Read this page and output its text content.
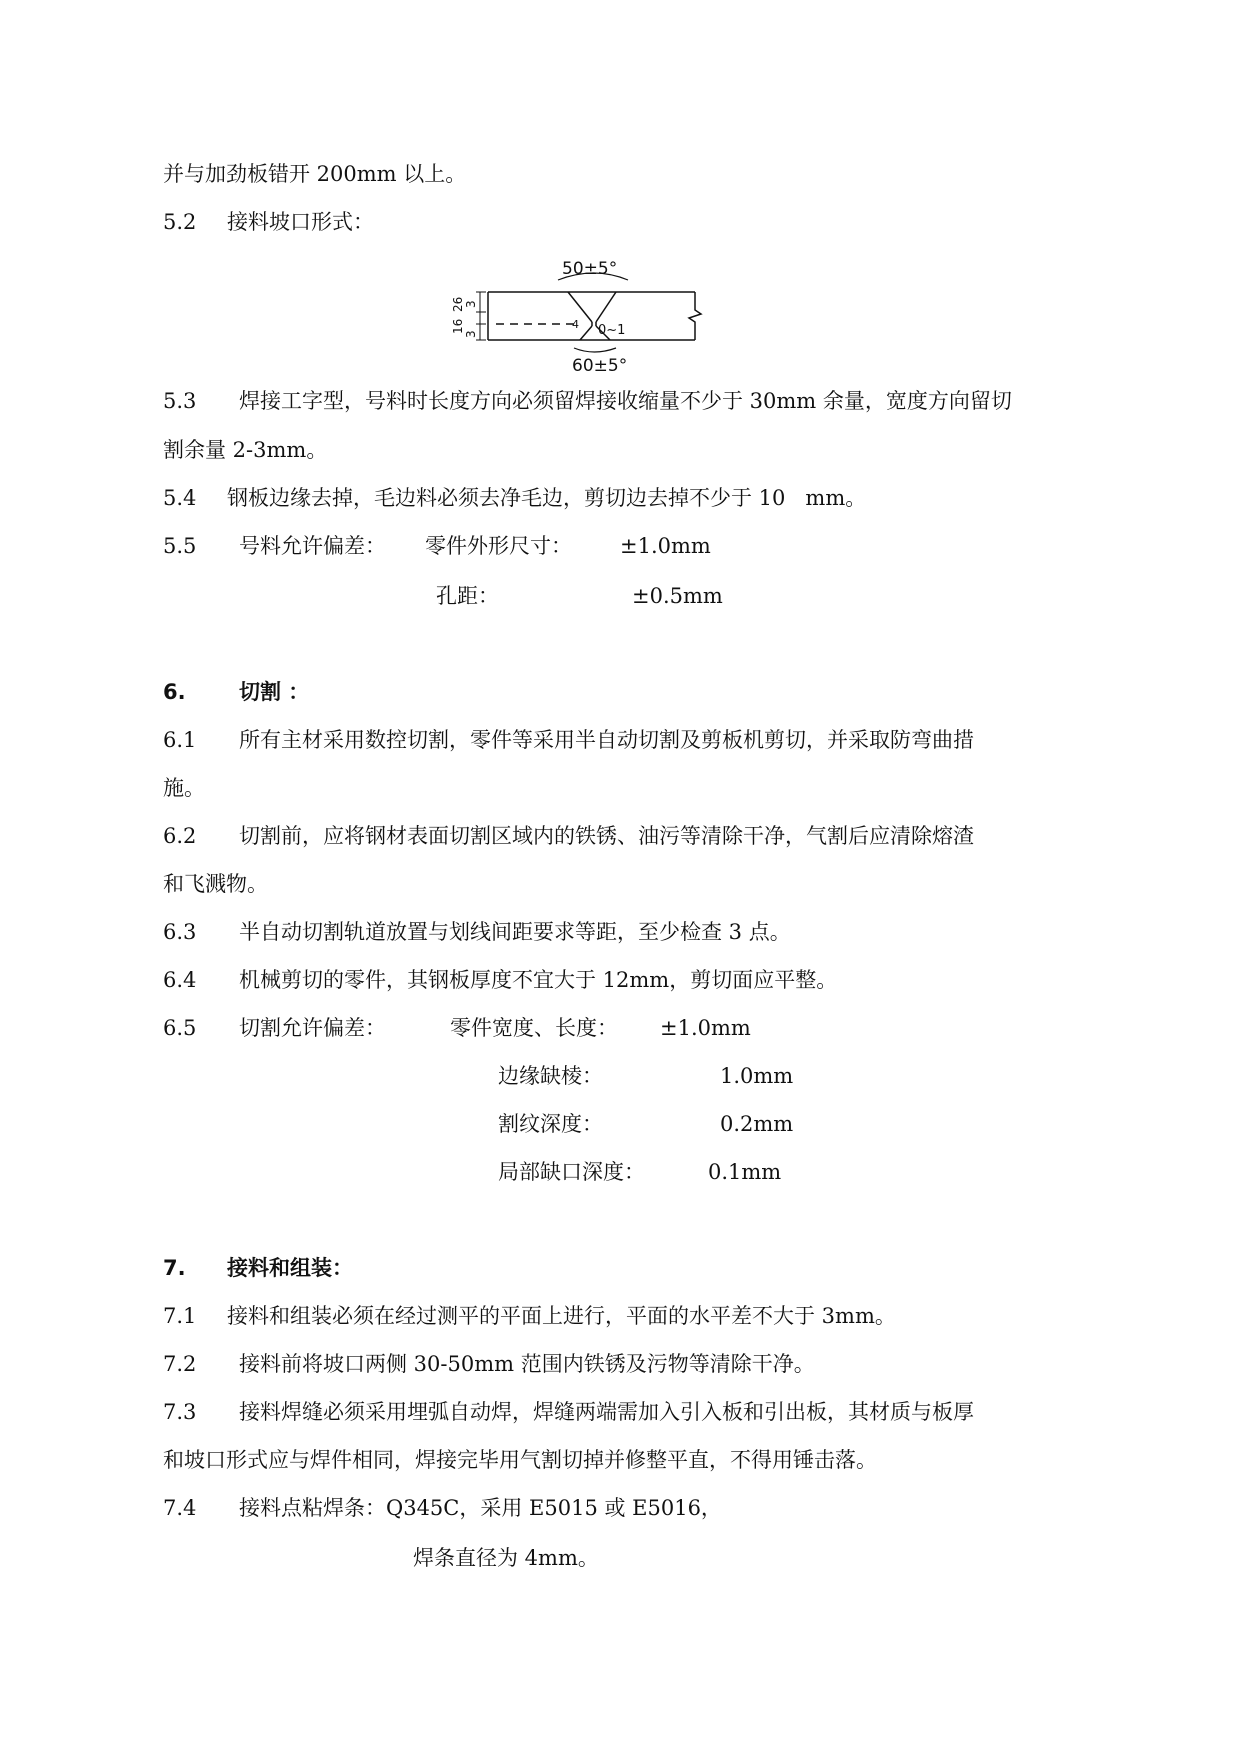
并与加劲板错开 200mm 以上。
5.2 接料坡口形式：
16
26 3
3
50±5°
4 0~1
60±5°
5.3 焊接工字型，号料时长度方向必须留焊接收缩量不少于 30mm 余量，宽度方向留切
割余量 2-3mm。
5.4 钢板边缘去掉，毛边料必须去净毛边，剪切边去掉不少于 10   mm。
5.5 号料允许偏差： 零件外形尺寸： ±1.0mm
孔距：	±0.5mm
6.	切割 ：
6.1 所有主材采用数控切割，零件等采用半自动切割及剪板机剪切，并采取防弯曲措
施。
6.2 切割前，应将钢材表面切割区域内的铁锈、油污等清除干净，气割后应清除熔渣
和飞溅物。
6.3 半自动切割轨道放置与划线间距要求等距，至少检查 3 点。
6.4 机械剪切的零件，其钢板厚度不宜大于 12mm，剪切面应平整。
6.5 切割允许偏差：	零件宽度、长度： ±1.0mm
边缘缺棱：	1.0mm
割纹深度：	0.2mm
局部缺口深度：	0.1mm
7. 接料和组装：
7.1 接料和组装必须在经过测平的平面上进行，平面的水平差不大于 3mm。
7.2 接料前将坡口两侧 30-50mm 范围内铁锈及污物等清除干净。
7.3 接料焊缝必须采用埋弧自动焊，焊缝两端需加入引入板和引出板，其材质与板厚
和坡口形式应与焊件相同，焊接完毕用气割切掉并修整平直，不得用锤击落。
7.4 接料点粘焊条：Q345C，采用 E5015 或 E5016，
焊条直径为 4mm。
